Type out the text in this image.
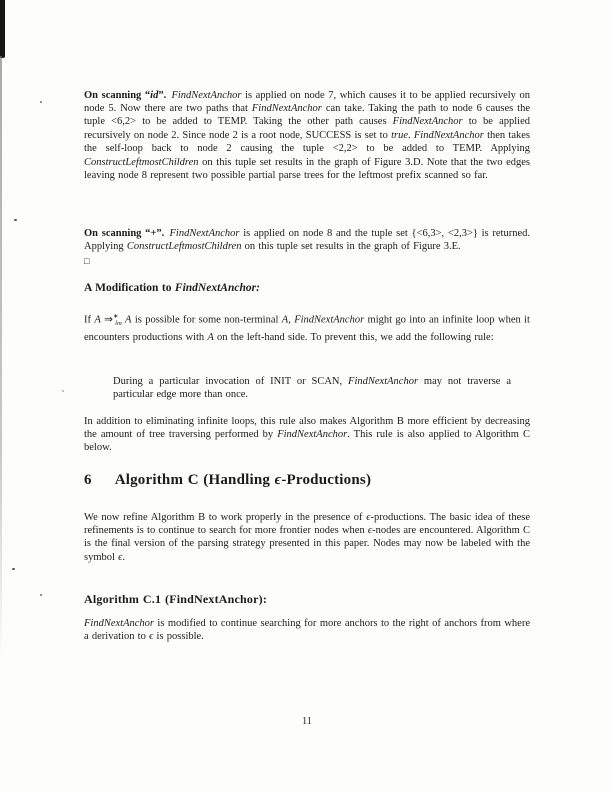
On scanning “id”.  FindNextAnchor is applied on node 7, which causes it to be applied recursively on node 5. Now there are two paths that FindNextAnchor can take. Taking the path to node 6 causes the tuple <6,2> to be added to TEMP. Taking the other path causes FindNextAnchor to be applied recursively on node 2. Since node 2 is a root node, SUCCESS is set to true. FindNextAnchor then takes the self-loop back to node 2 causing the tuple <2,2> to be added to TEMP. Applying ConstructLeftmostChildren on this tuple set results in the graph of Figure 3.D. Note that the two edges leaving node 8 represent two possible partial parse trees for the leftmost prefix scanned so far.

On scanning “+”.  FindNextAnchor is applied on node 8 and the tuple set {<6,3>, <2,3>} is returned. Applying ConstructLeftmostChildren on this tuple set results in the graph of Figure 3.E.

□

A Modification to FindNextAnchor:

If A $\Rightarrow^∗_{lm}$ A is possible for some non-terminal A, FindNextAnchor might go into an infinite loop when it encounters productions with A on the left-hand side. To prevent this, we add the following rule:

During a particular invocation of INIT or SCAN, FindNextAnchor may not traverse a particular edge more than once.

In addition to eliminating infinite loops, this rule also makes Algorithm B more efficient by decreasing the amount of tree traversing performed by FindNextAnchor. This rule is also applied to Algorithm C below.

6 Algorithm C (Handling ϵ-Productions)

We now refine Algorithm B to work properly in the presence of ϵ-productions. The basic idea of these refinements is to continue to search for more frontier nodes when ϵ-nodes are encountered. Algorithm C is the final version of the parsing strategy presented in this paper. Nodes may now be labeled with the symbol ϵ.

Algorithm C.1 (FindNextAnchor):

FindNextAnchor is modified to continue searching for more anchors to the right of anchors from where a derivation to ϵ is possible.

11
